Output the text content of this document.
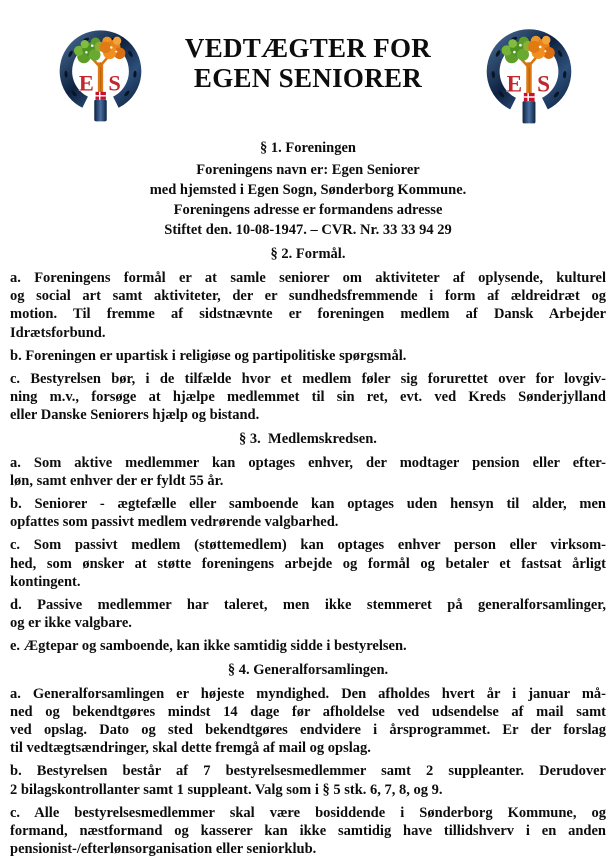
VEDTÆGTER FOR
EGEN SENIORER
§ 1. Foreningen
Foreningens navn er: Egen Seniorer
med hjemsted i Egen Sogn, Sønderborg Kommune.
Foreningens adresse er formandens adresse
Stiftet den. 10-08-1947. – CVR. Nr. 33 33 94 29
§ 2. Formål.
a. Foreningens formål er at samle seniorer om aktiviteter af oplysende, kulturel
og social art samt aktiviteter, der er sundhedsfremmende i form af ældreidræt og
motion. Til fremme af sidstnævnte er foreningen medlem af Dansk Arbejder
Idrætsforbund.
b. Foreningen er upartisk i religiøse og partipolitiske spørgsmål.
c. Bestyrelsen bør, i de tilfælde hvor et medlem føler sig forurettet over for lovgiv-
ning m.v., forsøge at hjælpe medlemmet til sin ret, evt. ved Kreds Sønderjylland
eller Danske Seniorers hjælp og bistand.
§ 3.  Medlemskredsen.
a. Som aktive medlemmer kan optages enhver, der modtager pension eller efter-
løn, samt enhver der er fyldt 55 år.
b. Seniorer - ægtefælle eller samboende kan optages uden hensyn til alder, men
opfattes som passivt medlem vedrørende valgbarhed.
c. Som passivt medlem (støttemedlem) kan optages enhver person eller virksom-
hed, som ønsker at støtte foreningens arbejde og formål og betaler et fastsat årligt
kontingent.
d. Passive medlemmer har taleret, men ikke stemmeret på generalforsamlinger,
og er ikke valgbare.
e. Ægtepar og samboende, kan ikke samtidig sidde i bestyrelsen.
§ 4. Generalforsamlingen.
a. Generalforsamlingen er højeste myndighed. Den afholdes hvert år i januar må-
ned og bekendtgøres mindst 14 dage før afholdelse ved udsendelse af mail samt
ved opslag. Dato og sted bekendtgøres endvidere i årsprogrammet. Er der forslag
til vedtægtsændringer, skal dette fremgå af mail og opslag.
b. Bestyrelsen består af 7 bestyrelsesmedlemmer samt 2 suppleanter. Derudover
2 bilagskontrollanter samt 1 suppleant. Valg som i § 5 stk. 6, 7, 8, og 9.
c. Alle bestyrelsesmedlemmer skal være bosiddende i Sønderborg Kommune, og
formand, næstformand og kasserer kan ikke samtidig have tillidshverv i en anden
pensionist-/efterlønsorganisation eller seniorklub.
